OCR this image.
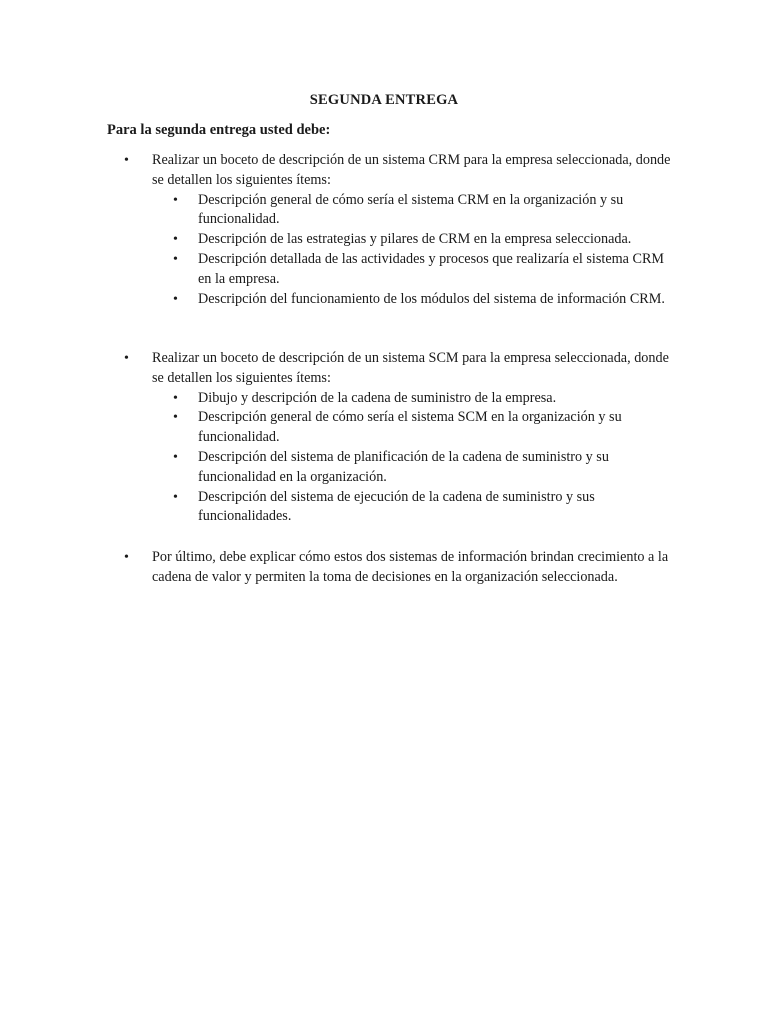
SEGUNDA ENTREGA

Para la segunda entrega usted debe:

• Realizar un boceto de descripción de un sistema CRM para la empresa seleccionada, donde se detallen los siguientes ítems:
• Descripción general de cómo sería el sistema CRM en la organización y su funcionalidad.
• Descripción de las estrategias y pilares de CRM en la empresa seleccionada.
• Descripción detallada de las actividades y procesos que realizaría el sistema CRM en la empresa.
• Descripción del funcionamiento de los módulos del sistema de información CRM.
• Realizar un boceto de descripción de un sistema SCM para la empresa seleccionada, donde se detallen los siguientes ítems:
• Dibujo y descripción de la cadena de suministro de la empresa.
• Descripción general de cómo sería el sistema SCM en la organización y su funcionalidad.
• Descripción del sistema de planificación de la cadena de suministro y su funcionalidad en la organización.
• Descripción del sistema de ejecución de la cadena de suministro y sus funcionalidades.
• Por último, debe explicar cómo estos dos sistemas de información brindan crecimiento a la cadena de valor y permiten la toma de decisiones en la organización seleccionada.
